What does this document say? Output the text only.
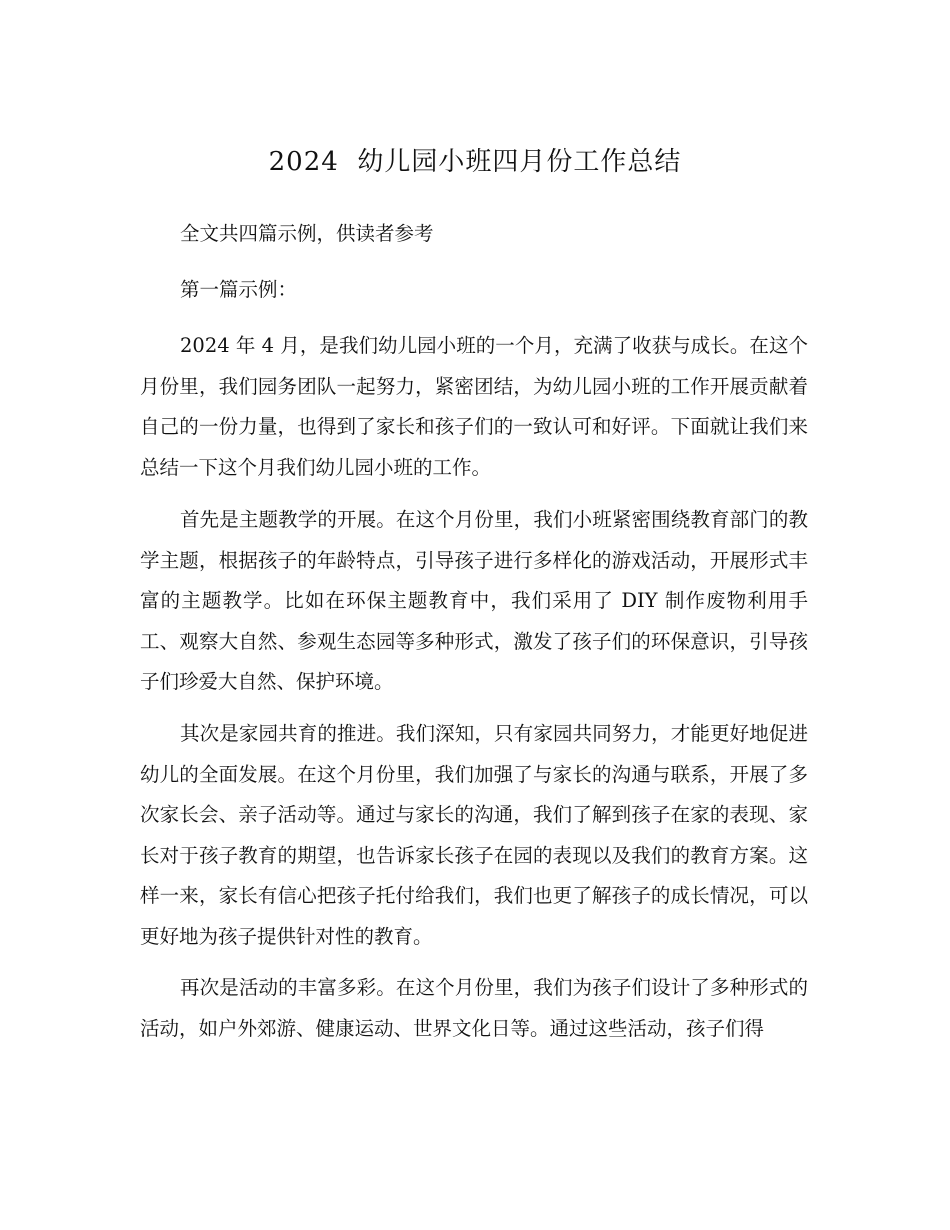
2024  幼儿园小班四月份工作总结

全文共四篇示例，供读者参考

第一篇示例：

2024 年 4 月，是我们幼儿园小班的一个月，充满了收获与成长。在这个月份里，我们园务团队一起努力，紧密团结，为幼儿园小班的工作开展贡献着自己的一份力量，也得到了家长和孩子们的一致认可和好评。下面就让我们来总结一下这个月我们幼儿园小班的工作。

首先是主题教学的开展。在这个月份里，我们小班紧密围绕教育部门的教学主题，根据孩子的年龄特点，引导孩子进行多样化的游戏活动，开展形式丰富的主题教学。比如在环保主题教育中，我们采用了 DIY 制作废物利用手工、观察大自然、参观生态园等多种形式，激发了孩子们的环保意识，引导孩子们珍爱大自然、保护环境。

其次是家园共育的推进。我们深知，只有家园共同努力，才能更好地促进幼儿的全面发展。在这个月份里，我们加强了与家长的沟通与联系，开展了多次家长会、亲子活动等。通过与家长的沟通，我们了解到孩子在家的表现、家长对于孩子教育的期望，也告诉家长孩子在园的表现以及我们的教育方案。这样一来，家长有信心把孩子托付给我们，我们也更了解孩子的成长情况，可以更好地为孩子提供针对性的教育。

再次是活动的丰富多彩。在这个月份里，我们为孩子们设计了多种形式的活动，如户外郊游、健康运动、世界文化日等。通过这些活动，孩子们得
